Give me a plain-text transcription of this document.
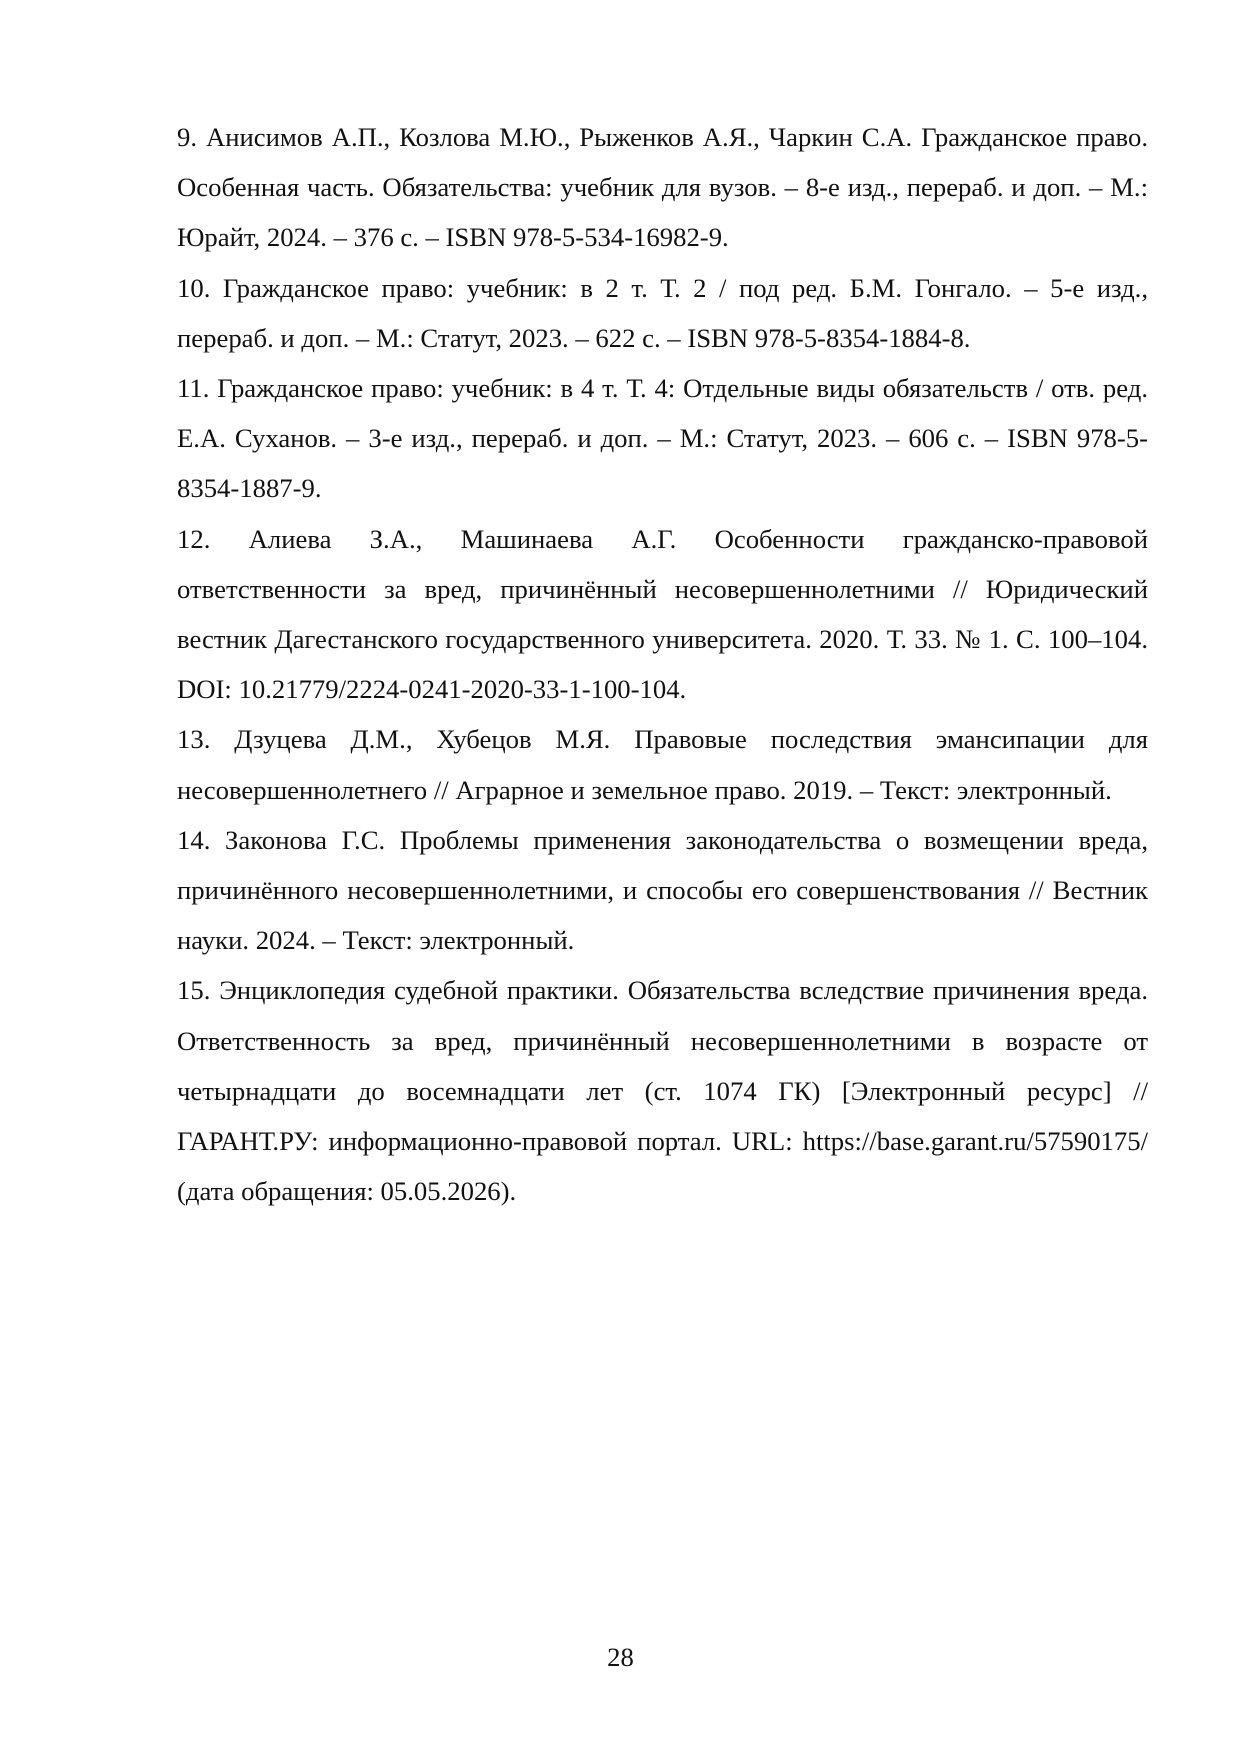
9. Анисимов А.П., Козлова М.Ю., Рыженков А.Я., Чаркин С.А. Гражданское право. Особенная часть. Обязательства: учебник для вузов. – 8-е изд., перераб. и доп. – М.: Юрайт, 2024. – 376 с. – ISBN 978-5-534-16982-9.
10. Гражданское право: учебник: в 2 т. Т. 2 / под ред. Б.М. Гонгало. – 5-е изд., перераб. и доп. – М.: Статут, 2023. – 622 с. – ISBN 978-5-8354-1884-8.
11. Гражданское право: учебник: в 4 т. Т. 4: Отдельные виды обязательств / отв. ред. Е.А. Суханов. – 3-е изд., перераб. и доп. – М.: Статут, 2023. – 606 с. – ISBN 978-5-8354-1887-9.
12. Алиева З.А., Машинаева А.Г. Особенности гражданско-правовой ответственности за вред, причинённый несовершеннолетними // Юридический вестник Дагестанского государственного университета. 2020. Т. 33. № 1. С. 100–104. DOI: 10.21779/2224-0241-2020-33-1-100-104.
13. Дзуцева Д.М., Хубецов М.Я. Правовые последствия эмансипации для несовершеннолетнего // Аграрное и земельное право. 2019. – Текст: электронный.
14. Законова Г.С. Проблемы применения законодательства о возмещении вреда, причинённого несовершеннолетними, и способы его совершенствования // Вестник науки. 2024. – Текст: электронный.
15. Энциклопедия судебной практики. Обязательства вследствие причинения вреда. Ответственность за вред, причинённый несовершеннолетними в возрасте от четырнадцати до восемнадцати лет (ст. 1074 ГК) [Электронный ресурс] // ГАРАНТ.РУ: информационно-правовой портал. URL: https://base.garant.ru/57590175/ (дата обращения: 05.05.2026).
28
